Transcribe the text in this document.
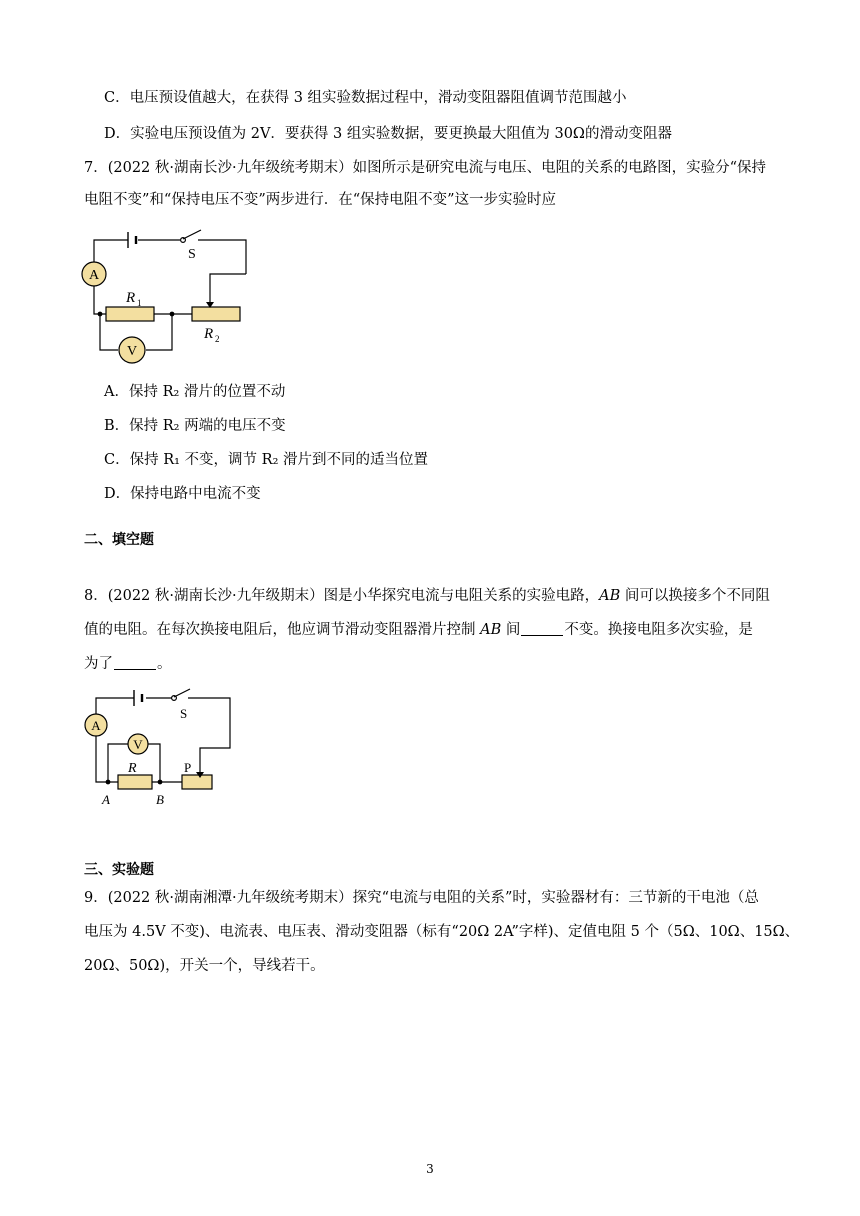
C．电压预设值越大，在获得 3 组实验数据过程中，滑动变阻器阻值调节范围越小
D．实验电压预设值为 2V．要获得 3 组实验数据，要更换最大阻值为 30Ω的滑动变阻器
7．(2022 秋·湖南长沙·九年级统考期末）如图所示是研究电流与电压、电阻的关系的电路图，实验分“保持
电阻不变”和“保持电压不变”两步进行．在“保持电阻不变”这一步实验时应
A
V
S
R 1
R 2
A．保持 R₂ 滑片的位置不动
B．保持 R₂ 两端的电压不变
C．保持 R₁ 不变，调节 R₂ 滑片到不同的适当位置
D．保持电路中电流不变
二、填空题
8．(2022 秋·湖南长沙·九年级期末）图是小华探究电流与电阻关系的实验电路，AB 间可以换接多个不同阻
值的电阻。在每次换接电阻后，他应调节滑动变阻器滑片控制 AB 间	不变。换接电阻多次实验，是
为了	。
A
V
S
R	P
A	B
三、实验题
9．(2022 秋·湖南湘潭·九年级统考期末）探究“电流与电阻的关系”时，实验器材有：三节新的干电池（总
电压为 4.5V 不变)、电流表、电压表、滑动变阻器（标有“20Ω 2A”字样)、定值电阻 5 个（5Ω、10Ω、15Ω、
20Ω、50Ω)，开关一个，导线若干。
3
